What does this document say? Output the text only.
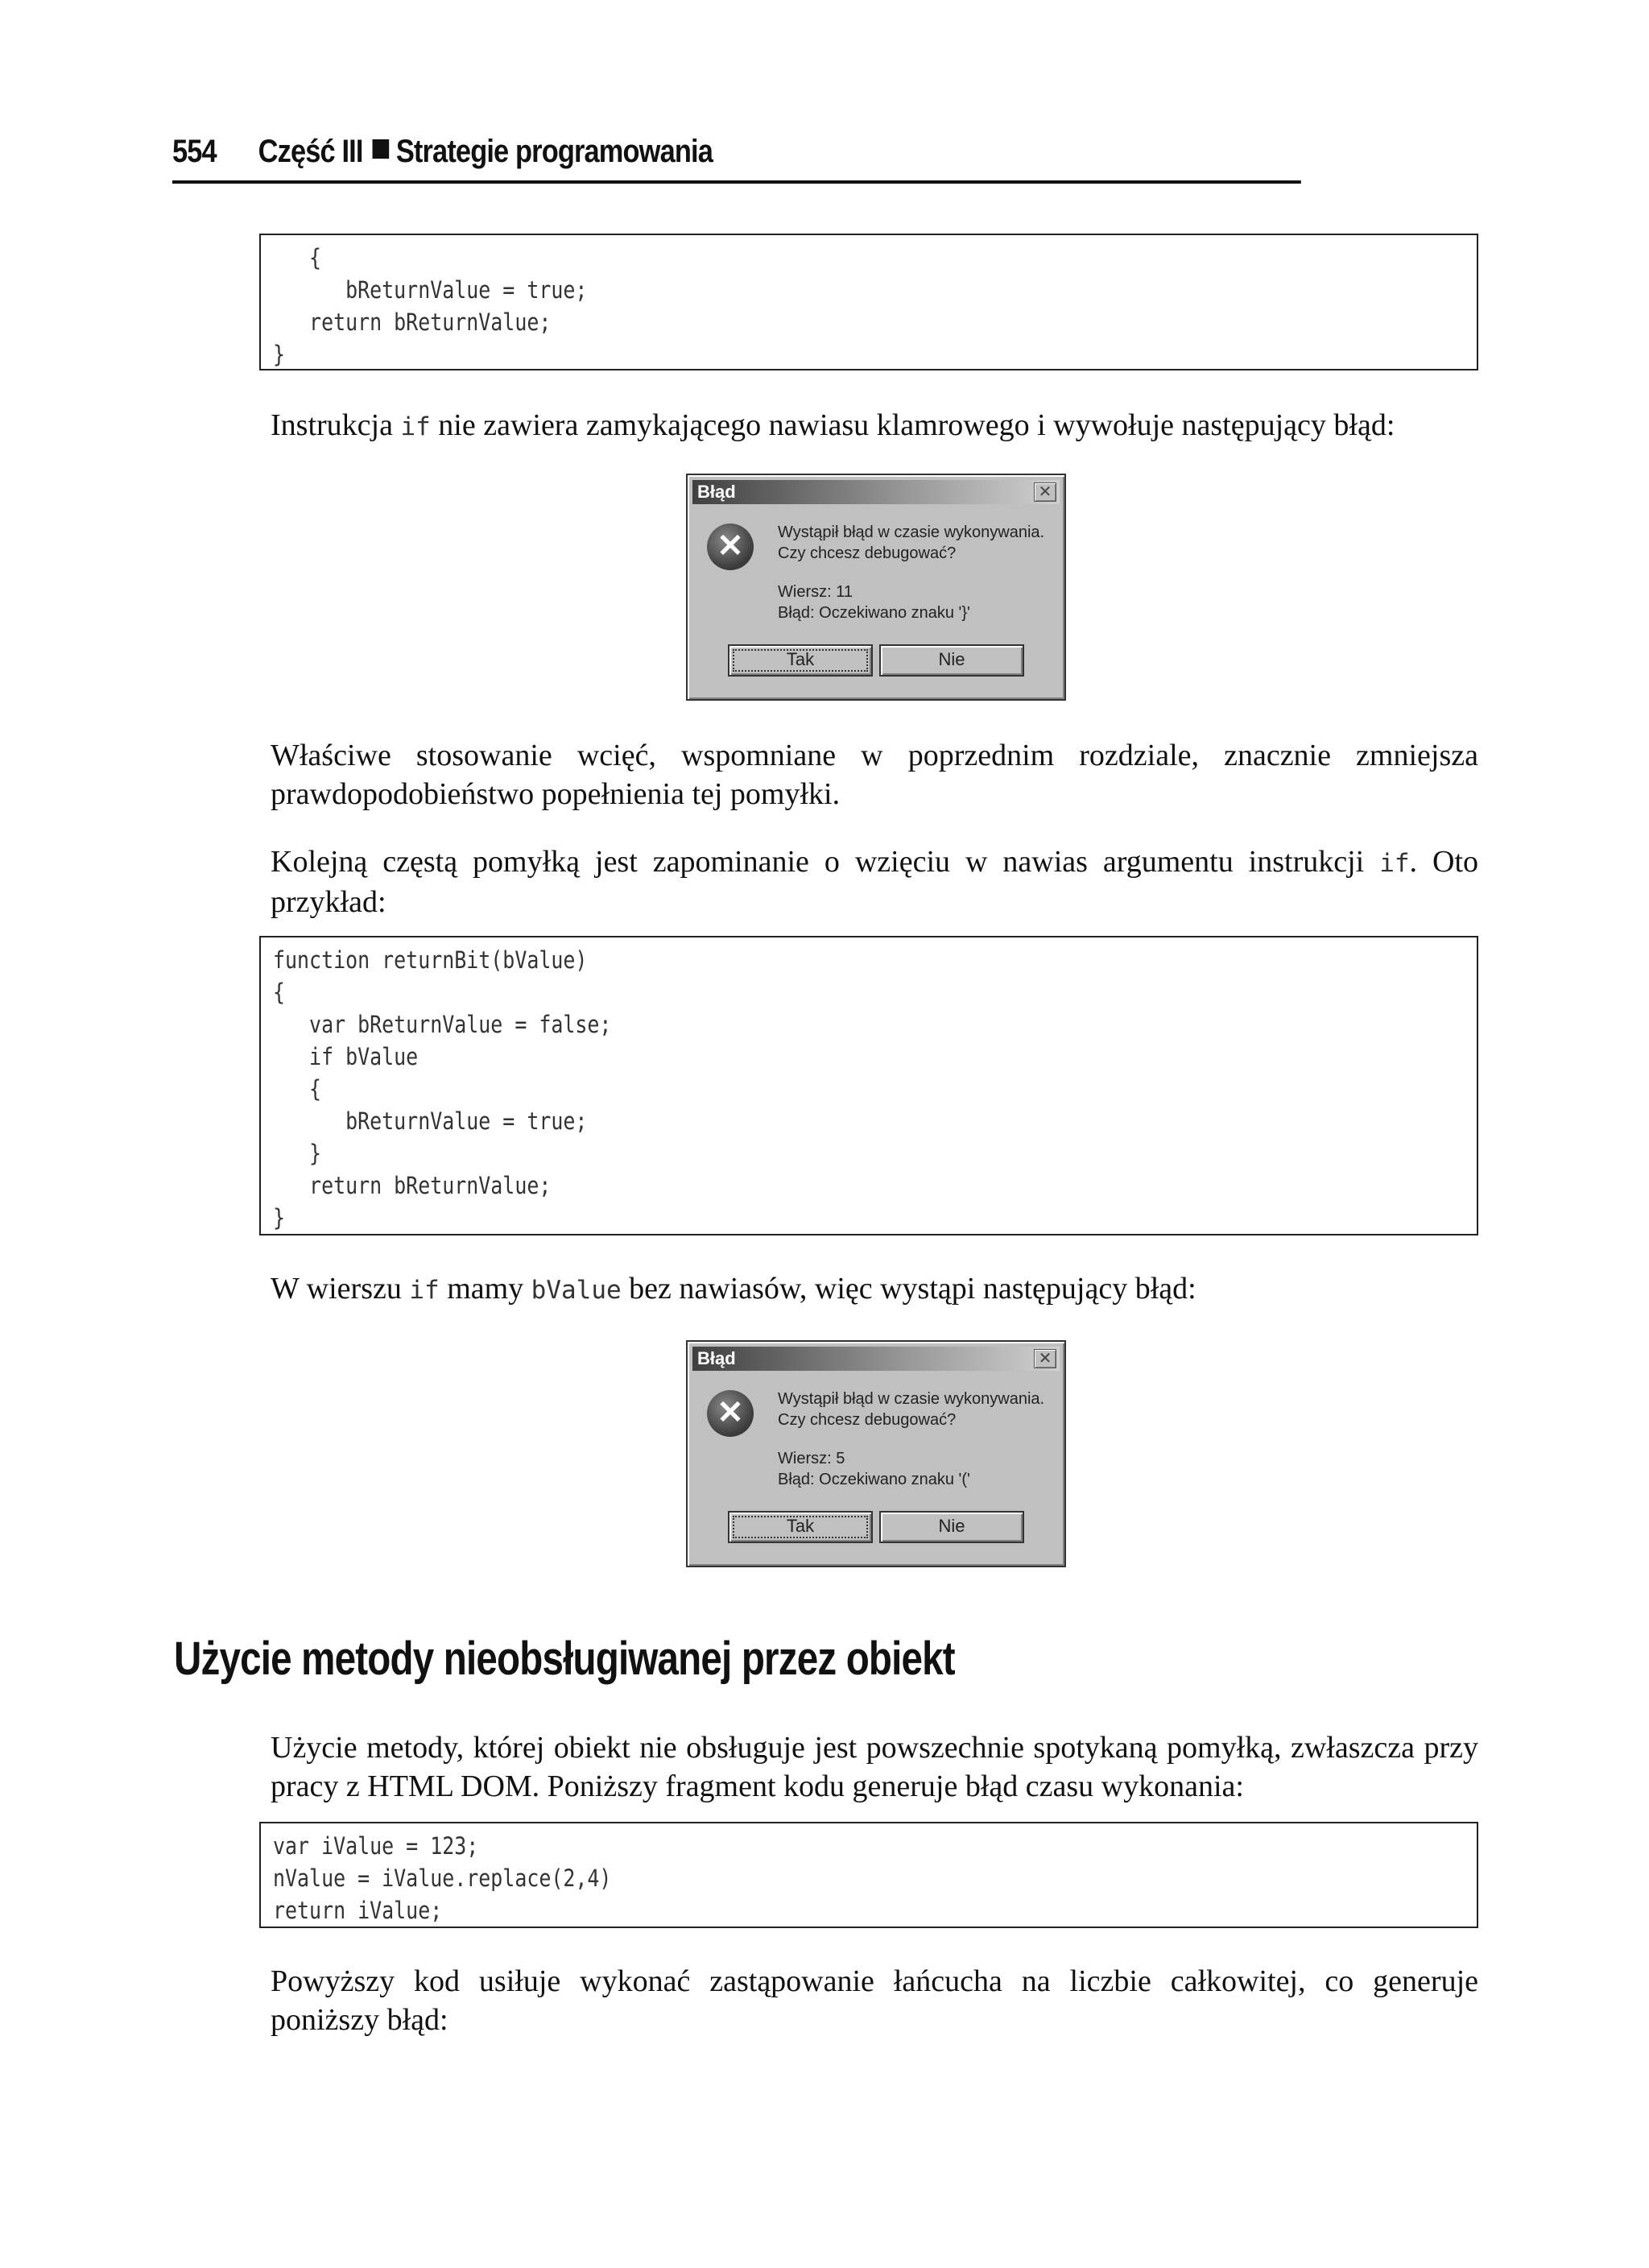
554 Część III Strategie programowania
{
bReturnValue = true;
return bReturnValue;
}
Instrukcja if nie zawiera zamykającego nawiasu klamrowego i wywołuje następujący błąd:
Błąd	✕
✕	Wystąpił błąd w czasie wykonywania.
Czy chcesz debugować?
Wiersz: 11
Błąd: Oczekiwano znaku '}'
Tak	Nie
Właściwe stosowanie wcięć, wspomniane w poprzednim rozdziale, znacznie zmniejsza prawdopodobieństwo popełnienia tej pomyłki.
Kolejną częstą pomyłką jest zapominanie o wzięciu w nawias argumentu instrukcji if. Oto przykład:
function returnBit(bValue)
{
var bReturnValue = false;
if bValue
{
bReturnValue = true;
}
return bReturnValue;
}
W wierszu if mamy bValue bez nawiasów, więc wystąpi następujący błąd:
Błąd	✕
✕	Wystąpił błąd w czasie wykonywania.
Czy chcesz debugować?
Wiersz: 5
Błąd: Oczekiwano znaku '('
Tak	Nie
Użycie metody nieobsługiwanej przez obiekt
Użycie metody, której obiekt nie obsługuje jest powszechnie spotykaną pomyłką, zwłaszcza przy pracy z HTML DOM. Poniższy fragment kodu generuje błąd czasu wykonania:
var iValue = 123;
nValue = iValue.replace(2,4)
return iValue;
Powyższy kod usiłuje wykonać zastąpowanie łańcucha na liczbie całkowitej, co generuje poniższy błąd:
